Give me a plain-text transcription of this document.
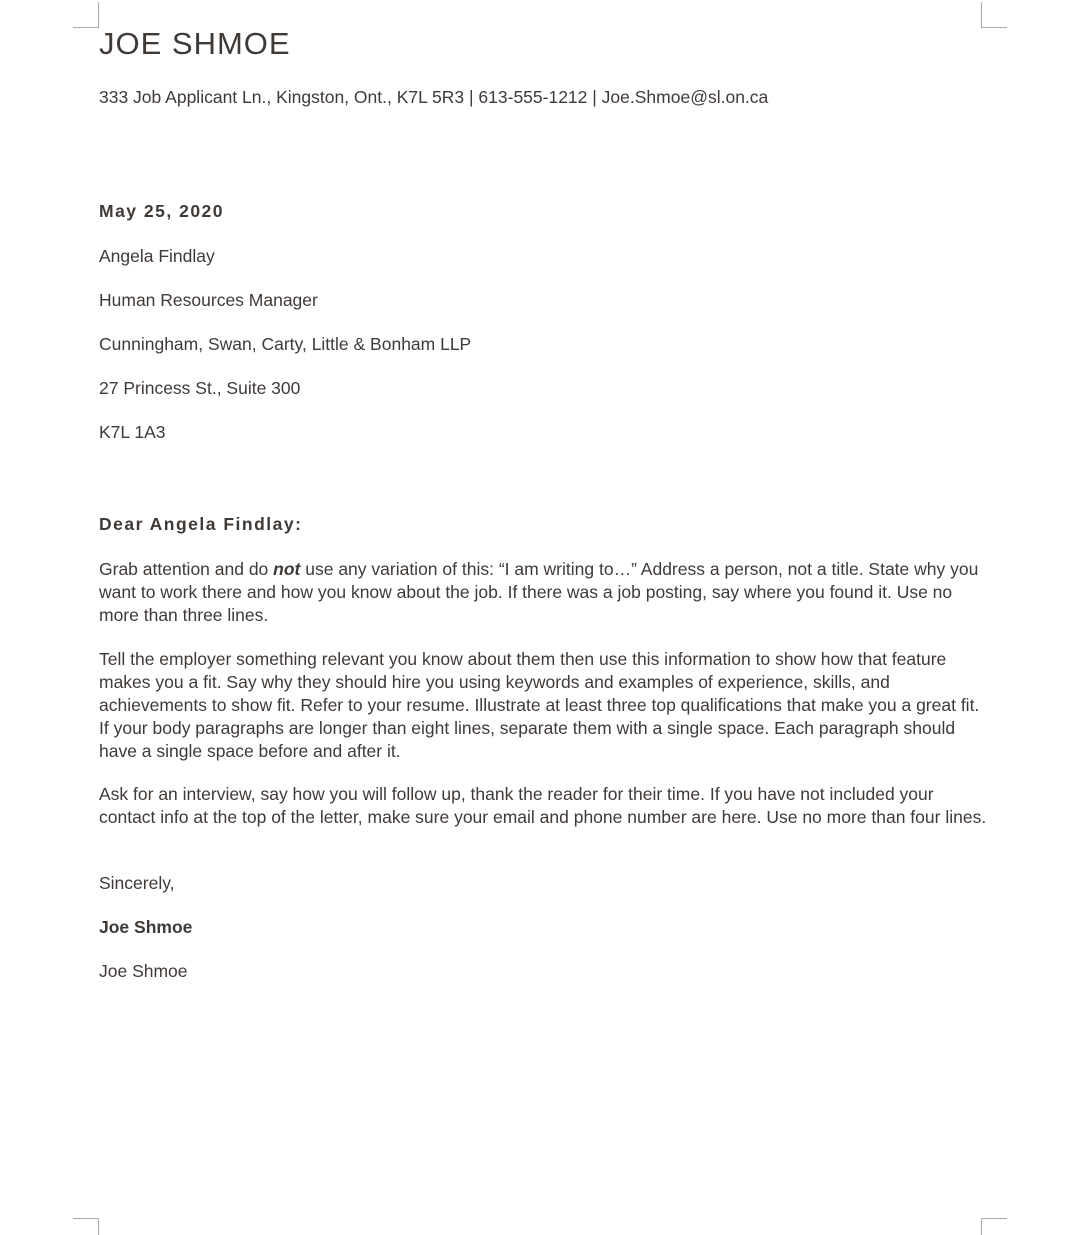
JOE SHMOE

333 Job Applicant Ln., Kingston, Ont., K7L 5R3 | 613-555-1212 | Joe.Shmoe@sl.on.ca

May 25, 2020

Angela Findlay

Human Resources Manager

Cunningham, Swan, Carty, Little & Bonham LLP

27 Princess St., Suite 300

K7L 1A3

Dear Angela Findlay:

Grab attention and do not use any variation of this: “I am writing to…” Address a person, not a title. State why you want to work there and how you know about the job. If there was a job posting, say where you found it. Use no more than three lines.

Tell the employer something relevant you know about them then use this information to show how that feature makes you a fit. Say why they should hire you using keywords and examples of experience, skills, and achievements to show fit. Refer to your resume. Illustrate at least three top qualifications that make you a great fit. If your body paragraphs are longer than eight lines, separate them with a single space. Each paragraph should have a single space before and after it.

Ask for an interview, say how you will follow up, thank the reader for their time. If you have not included your contact info at the top of the letter, make sure your email and phone number are here. Use no more than four lines.

Sincerely,

Joe Shmoe

Joe Shmoe
